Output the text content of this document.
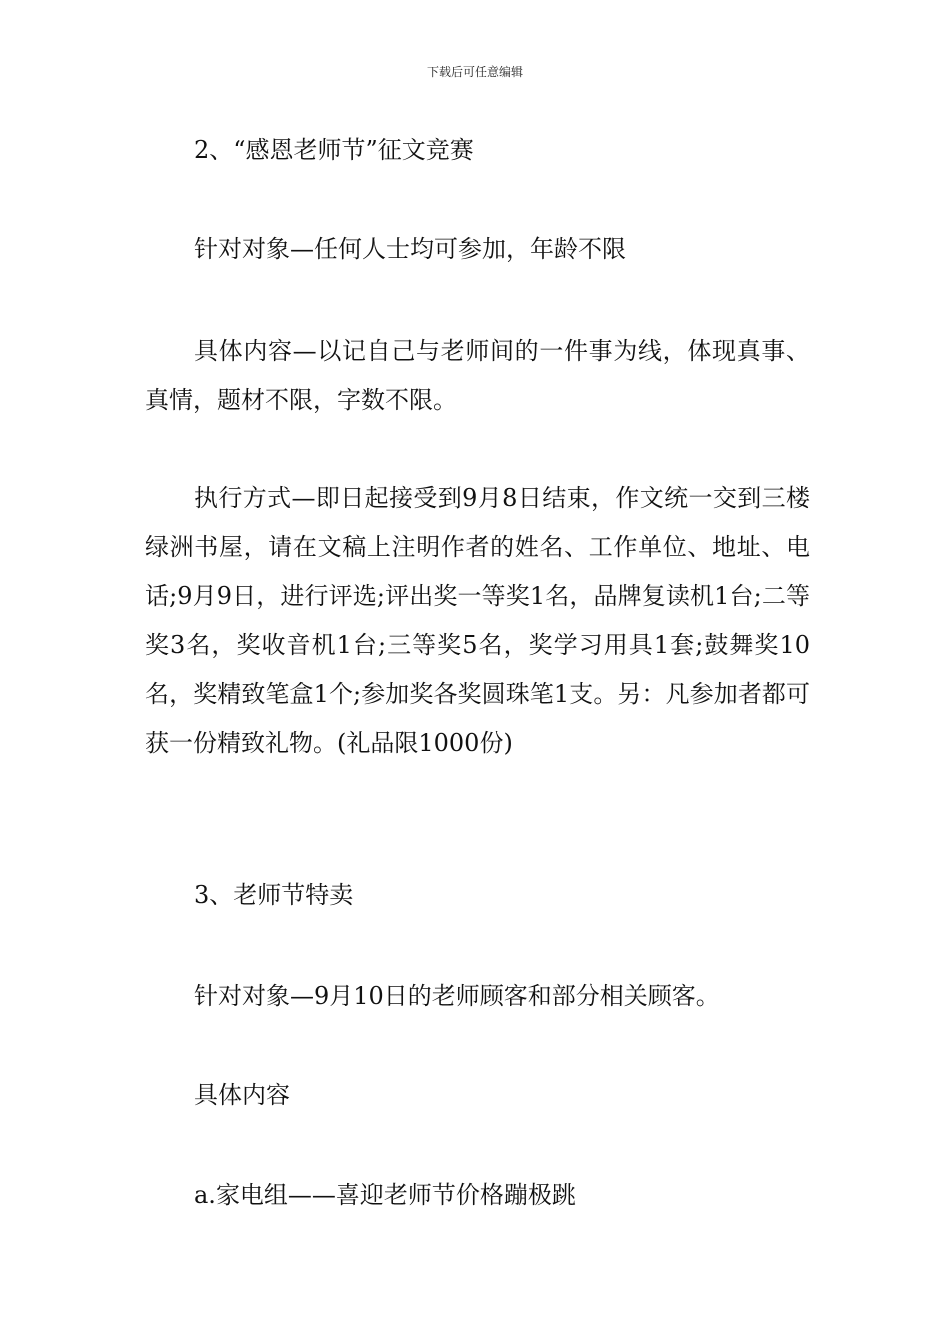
下载后可任意编辑

2、“感恩老师节”征文竞赛

针对对象—任何人士均可参加，年龄不限

具体内容—以记自己与老师间的一件事为线，体现真事、真情，题材不限，字数不限。

执行方式—即日起接受到9月8日结束，作文统一交到三楼绿洲书屋，请在文稿上注明作者的姓名、工作单位、地址、电话;9月9日，进行评选;评出奖一等奖1名，品牌复读机1台;二等奖3名，奖收音机1台;三等奖5名，奖学习用具1套;鼓舞奖10名，奖精致笔盒1个;参加奖各奖圆珠笔1支。另：凡参加者都可获一份精致礼物。(礼品限1000份)

3、老师节特卖

针对对象—9月10日的老师顾客和部分相关顾客。

具体内容

a.家电组——喜迎老师节价格蹦极跳
